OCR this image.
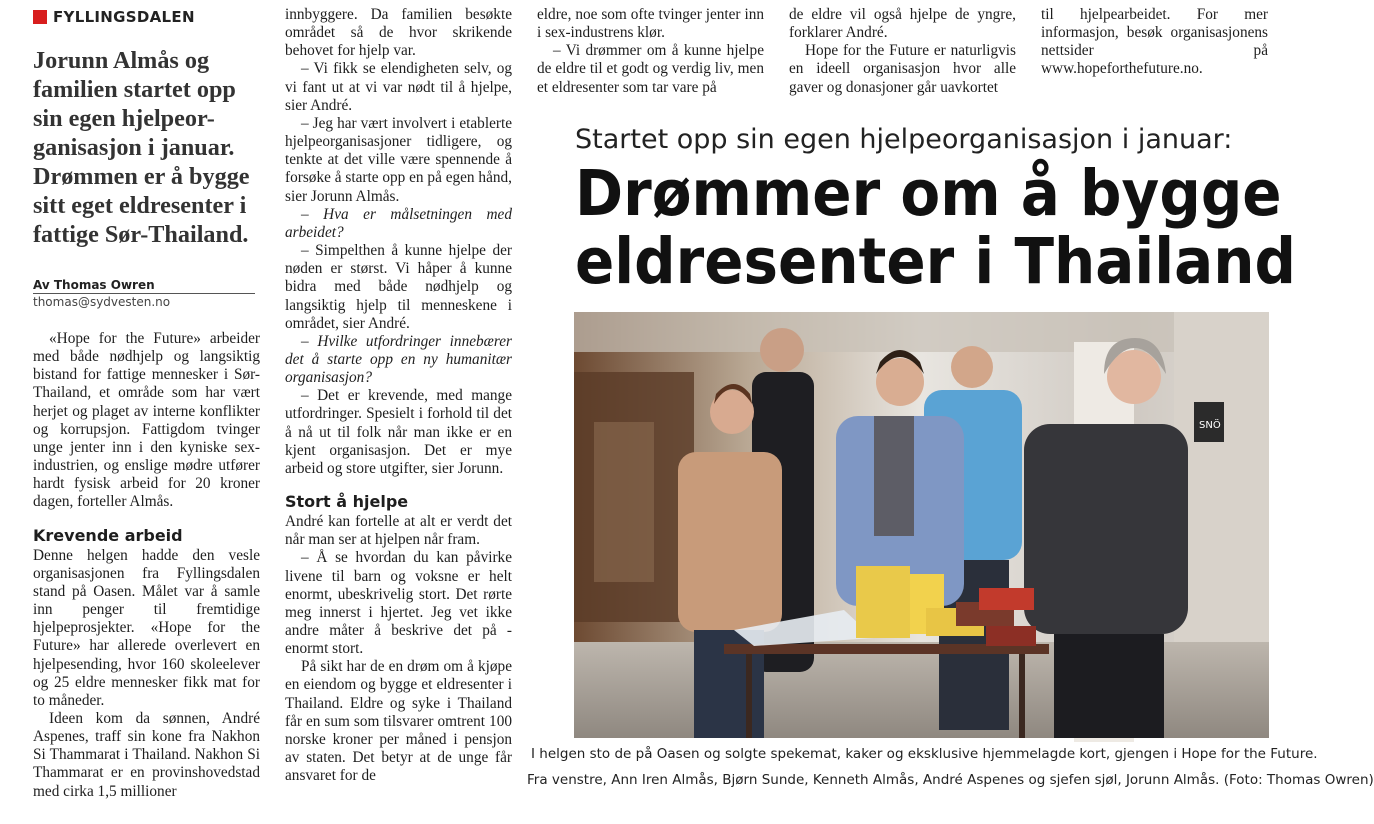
FYLLINGSDALEN
Jorunn Almås og familien startet opp sin egen hjelpeor- ganisasjon i januar. Drømmen er å bygge sitt eget eldresenter i fattige Sør-Thailand.
Av Thomas Owren
thomas@sydvesten.no

«Hope for the Future» arbeider med både nødhjelp og langsiktig bistand for fattige mennesker i Sør-Thailand, et område som har vært herjet og plaget av interne konflikter og korrupsjon. Fattigdom tvinger unge jenter inn i den kyniske sex-industrien, og enslige mødre utfører hardt fysisk arbeid for 20 kroner dagen, forteller Almås.

Krevende arbeid

Denne helgen hadde den vesle organisasjonen fra Fyllingsdalen stand på Oasen. Målet var å samle inn penger til fremtidige hjelpeprosjekter. «Hope for the Future» har allerede overlevert en hjelpesending, hvor 160 skoleelever og 25 eldre mennesker fikk mat for to måneder.

Ideen kom da sønnen, André Aspenes, traff sin kone fra Nakhon Si Thammarat i Thailand. Nakhon Si Thammarat er en provinshovedstad med cirka 1,5 millioner

innbyggere. Da familien besøkte området så de hvor skrikende behovet for hjelp var.

– Vi fikk se elendigheten selv, og vi fant ut at vi var nødt til å hjelpe, sier André.

– Jeg har vært involvert i etablerte hjelpeorganisasjoner tidligere, og tenkte at det ville være spennende å forsøke å starte opp en på egen hånd, sier Jorunn Almås.

– Hva er målsetningen med arbeidet?

– Simpelthen å kunne hjelpe der nøden er størst. Vi håper å kunne bidra med både nødhjelp og langsiktig hjelp til menneskene i området, sier André.

– Hvilke utfordringer innebærer det å starte opp en ny humanitær organisasjon?

– Det er krevende, med mange utfordringer. Spesielt i forhold til det å nå ut til folk når man ikke er en kjent organisasjon. Det er mye arbeid og store utgifter, sier Jorunn.

Stort å hjelpe

André kan fortelle at alt er verdt det når man ser at hjelpen når fram.

– Å se hvordan du kan påvirke livene til barn og voksne er helt enormt, ubeskrivelig stort. Det rørte meg innerst i hjertet. Jeg vet ikke andre måter å beskrive det på - enormt stort.

På sikt har de en drøm om å kjøpe en eiendom og bygge et eldresenter i Thailand. Eldre og syke i Thailand får en sum som tilsvarer omtrent 100 norske kroner per måned i pensjon av staten. Det betyr at de unge får ansvaret for de

eldre, noe som ofte tvinger jenter inn i sex-industrens klør.

– Vi drømmer om å kunne hjelpe de eldre til et godt og verdig liv, men et eldresenter som tar vare på

de eldre vil også hjelpe de yngre, forklarer André.

Hope for the Future er naturligvis en ideell organisasjon hvor alle gaver og donasjoner går uavkortet

til hjelpearbeidet. For mer informasjon, besøk organisasjonens nettsider på www.hopeforthefuture.no.

Startet opp sin egen hjelpeorganisasjon i januar:
Drømmer om å bygge
eldresenter i Thailand
SNÖ
I helgen sto de på Oasen og solgte spekemat, kaker og eksklusive hjemmelagde kort, gjengen i Hope for the Future.
Fra venstre, Ann Iren Almås, Bjørn Sunde, Kenneth Almås, André Aspenes og sjefen sjøl, Jorunn Almås. (Foto: Thomas Owren)
